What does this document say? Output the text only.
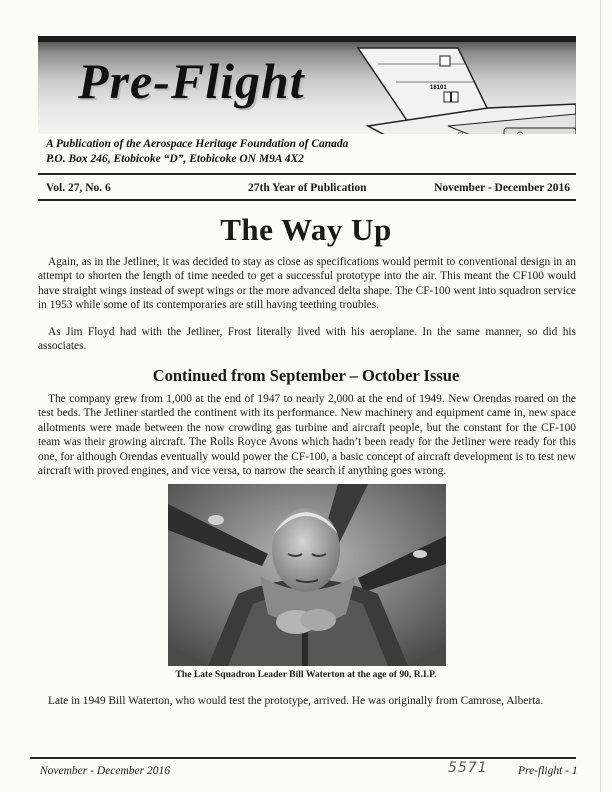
Pre-Flight	18101
RL
A Publication of the Aerospace Heritage Foundation of Canada
P.O. Box 246, Etobicoke “D”, Etobicoke ON M9A 4X2
Vol. 27, No. 6	27th Year of Publication	November - December 2016
The Way Up

Again, as in the Jetliner, it was decided to stay as close as specifications would permit to conventional design in an attempt to shorten the length of time needed to get a successful prototype into the air. This meant the CF100 would have straight wings instead of swept wings or the more advanced delta shape. The CF-100 went into squadron service in 1953 while some of its contemporaries are still having teething troubles.

As Jim Floyd had with the Jetliner, Frost literally lived with his aeroplane. In the same manner, so did his associates.

Continued from September – October Issue

The company grew from 1,000 at the end of 1947 to nearly 2,000 at the end of 1949. New Orendas roared on the test beds. The Jetliner startled the continent with its performance. New machinery and equipment came in, new space allotments were made between the now crowding gas turbine and aircraft people, but the constant for the CF-100 team was their growing aircraft. The Rolls Royce Avons which hadn’t been ready for the Jetliner were ready for this one, for although Orendas eventually would power the CF-100, a basic concept of aircraft development is to test new aircraft with proved engines, and vice versa, to narrow the search if anything goes wrong.

The Late Squadron Leader Bill Waterton at the age of 90, R.I.P.

Late in 1949 Bill Waterton, who would test the prototype, arrived. He was originally from Camrose, Alberta.

November - December 2016	5571	Pre-flight - 1
